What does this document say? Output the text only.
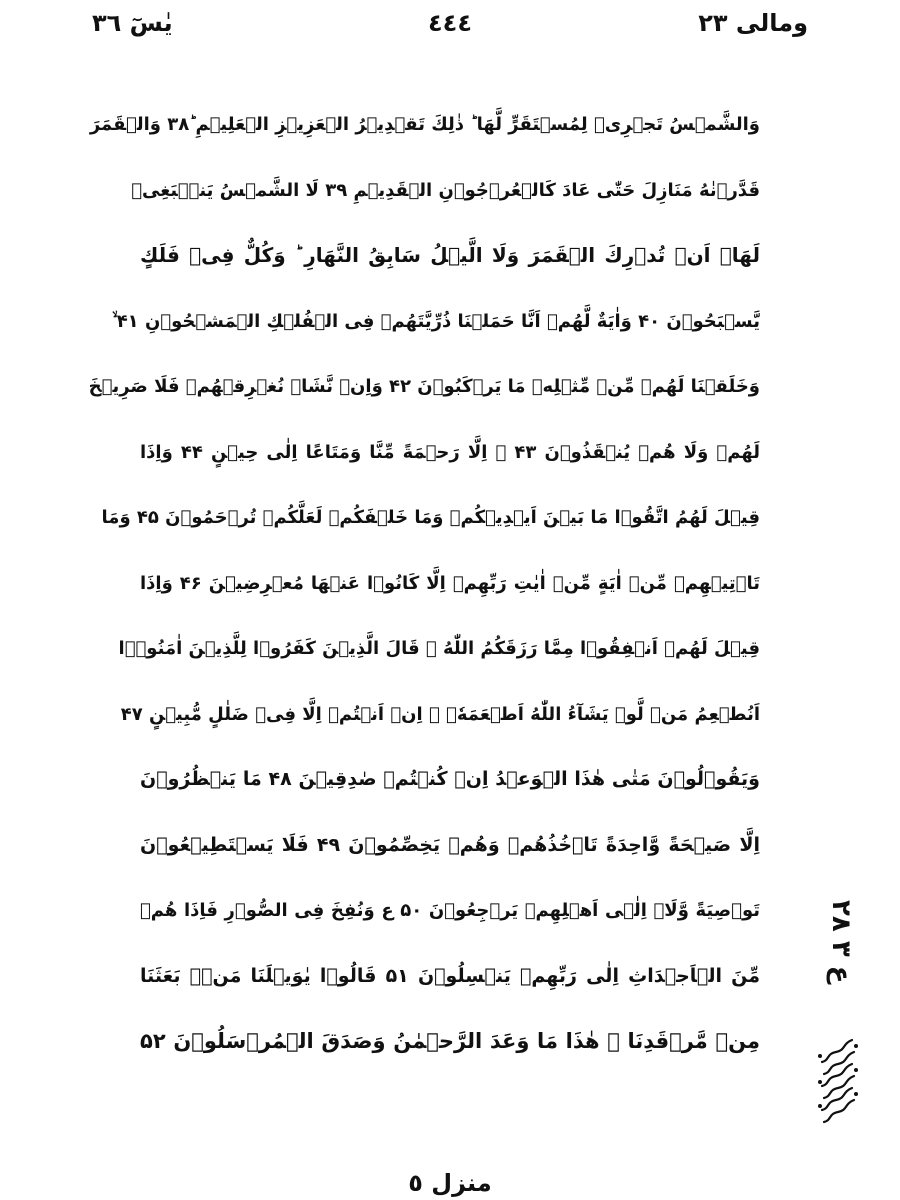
یٰسٓ ٣٦	٤٤٤	ومالی ٢٣
وَالشَّمۡسُ تَجۡرِیۡ لِمُسۡتَقَرٍّ لَّهَا ؕ ذٰلِكَ تَقۡدِیۡرُ الۡعَزِیۡزِ الۡعَلِیۡمِ ؕ۳۸ وَالۡقَمَرَ
قَدَّرۡنٰهُ مَنَازِلَ حَتّٰی عَادَ كَالۡعُرۡجُوۡنِ الۡقَدِیۡمِ ۳۹ لَا الشَّمۡسُ یَنۡۢبَغِیۡ
لَهَاۤ اَنۡ تُدۡرِكَ الۡقَمَرَ وَلَا الَّیۡلُ سَابِقُ النَّهَارِ ؕ وَكُلٌّ فِیۡ فَلَكٍ
یَّسۡبَحُوۡنَ ۴۰ وَاٰیَةٌ لَّهُمۡ اَنَّا حَمَلۡنَا ذُرِّیَّتَهُمۡ فِی الۡفُلۡكِ الۡمَشۡحُوۡنِ ۴۱ ۙ
وَخَلَقۡنَا لَهُمۡ مِّنۡ مِّثۡلِهٖ مَا یَرۡكَبُوۡنَ ۴۲ وَاِنۡ نَّشَاۡ نُغۡرِقۡهُمۡ فَلَا صَرِیۡخَ
لَهُمۡ وَلَا هُمۡ یُنۡقَذُوۡنَ ۴۳ ۙ اِلَّا رَحۡمَةً مِّنَّا وَمَتَاعًا اِلٰی حِیۡنٍ ۴۴ وَاِذَا
قِیۡلَ لَهُمُ اتَّقُوۡا مَا بَیۡنَ اَیۡدِیۡكُمۡ وَمَا خَلۡفَكُمۡ لَعَلَّكُمۡ تُرۡحَمُوۡنَ ۴۵ وَمَا
تَاۡتِیۡهِمۡ مِّنۡ اٰیَةٍ مِّنۡ اٰیٰتِ رَبِّهِمۡ اِلَّا كَانُوۡا عَنۡهَا مُعۡرِضِیۡنَ ۴۶ وَاِذَا
قِیۡلَ لَهُمۡ اَنۡفِقُوۡا مِمَّا رَزَقَكُمُ اللّٰهُ ۙ قَالَ الَّذِیۡنَ كَفَرُوۡا لِلَّذِیۡنَ اٰمَنُوۡۤا
اَنُطۡعِمُ مَنۡ لَّوۡ یَشَآءُ اللّٰهُ اَطۡعَمَهٗۤ ۖ اِنۡ اَنۡتُمۡ اِلَّا فِیۡ ضَلٰلٍ مُّبِیۡنٍ ۴۷
وَیَقُوۡلُوۡنَ مَتٰی هٰذَا الۡوَعۡدُ اِنۡ كُنۡتُمۡ صٰدِقِیۡنَ ۴۸ مَا یَنۡظُرُوۡنَ
اِلَّا صَیۡحَةً وَّاحِدَةً تَاۡخُذُهُمۡ وَهُمۡ یَخِصِّمُوۡنَ ۴۹ فَلَا یَسۡتَطِیۡعُوۡنَ
تَوۡصِیَةً وَّلَاۤ اِلٰۤی اَهۡلِهِمۡ یَرۡجِعُوۡنَ ۵۰ ع وَنُفِخَ فِی الصُّوۡرِ فَاِذَا هُمۡ
مِّنَ الۡاَجۡدَاثِ اِلٰی رَبِّهِمۡ یَنۡسِلُوۡنَ ۵۱ قَالُوۡا یٰوَیۡلَنَا مَنۡۢ بَعَثَنَا
مِنۡ مَّرۡقَدِنَا ۜ هٰذَا مَا وَعَدَ الرَّحۡمٰنُ وَصَدَقَ الۡمُرۡسَلُوۡنَ ۵۲
ع ٣ ٢٨
منزل ٥
